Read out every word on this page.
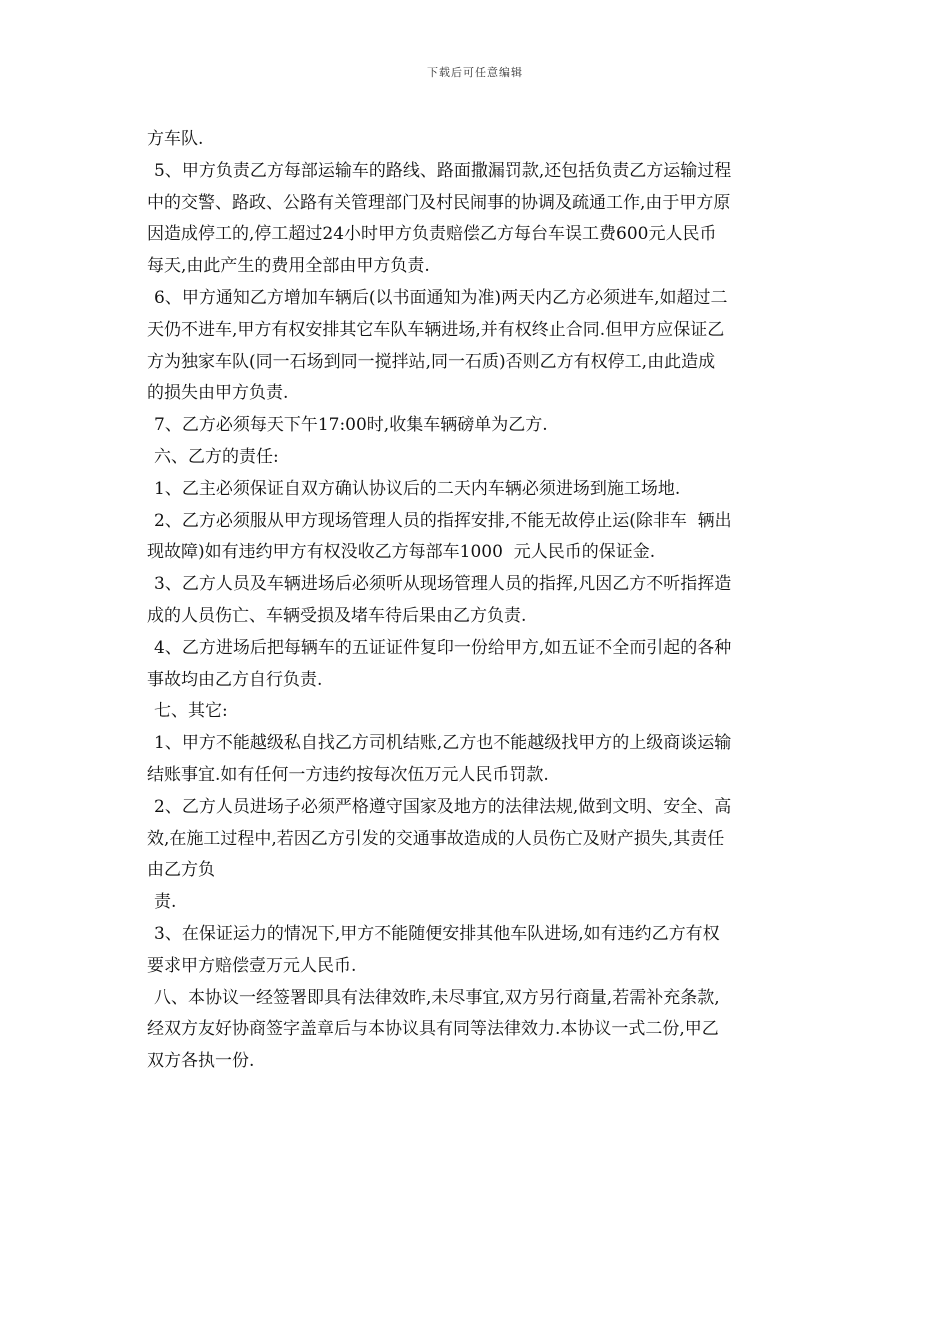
下载后可任意编辑
方车队.
5、甲方负责乙方每部运输车的路线、路面撒漏罚款,还包括负责乙方运输过程
中的交警、路政、公路有关管理部门及村民闹事的协调及疏通工作,由于甲方原
因造成停工的,停工超过24小时甲方负责赔偿乙方每台车误工费600元人民币
每天,由此产生的费用全部由甲方负责.
6、甲方通知乙方增加车辆后(以书面通知为准)两天内乙方必须进车,如超过二
天仍不进车,甲方有权安排其它车队车辆进场,并有权终止合同.但甲方应保证乙
方为独家车队(同一石场到同一搅拌站,同一石质)否则乙方有权停工,由此造成
的损失由甲方负责.
7、乙方必须每天下午17:00时,收集车辆磅单为乙方.
六、乙方的责任:
1、乙主必须保证自双方确认协议后的二天内车辆必须进场到施工场地.
2、乙方必须服从甲方现场管理人员的指挥安排,不能无故停止运(除非车  辆出
现故障)如有违约甲方有权没收乙方每部车1000  元人民币的保证金.
3、乙方人员及车辆进场后必须听从现场管理人员的指挥,凡因乙方不听指挥造
成的人员伤亡、车辆受损及堵车待后果由乙方负责.
4、乙方进场后把每辆车的五证证件复印一份给甲方,如五证不全而引起的各种
事故均由乙方自行负责.
七、其它:
1、甲方不能越级私自找乙方司机结账,乙方也不能越级找甲方的上级商谈运输
结账事宜.如有任何一方违约按每次伍万元人民币罚款.
2、乙方人员进场子必须严格遵守国家及地方的法律法规,做到文明、安全、高
效,在施工过程中,若因乙方引发的交通事故造成的人员伤亡及财产损失,其责任
由乙方负
责.
3、在保证运力的情况下,甲方不能随便安排其他车队进场,如有违约乙方有权
要求甲方赔偿壹万元人民币.
八、本协议一经签署即具有法律效昨,未尽事宜,双方另行商量,若需补充条款,
经双方友好协商签字盖章后与本协议具有同等法律效力.本协议一式二份,甲乙
双方各执一份.
